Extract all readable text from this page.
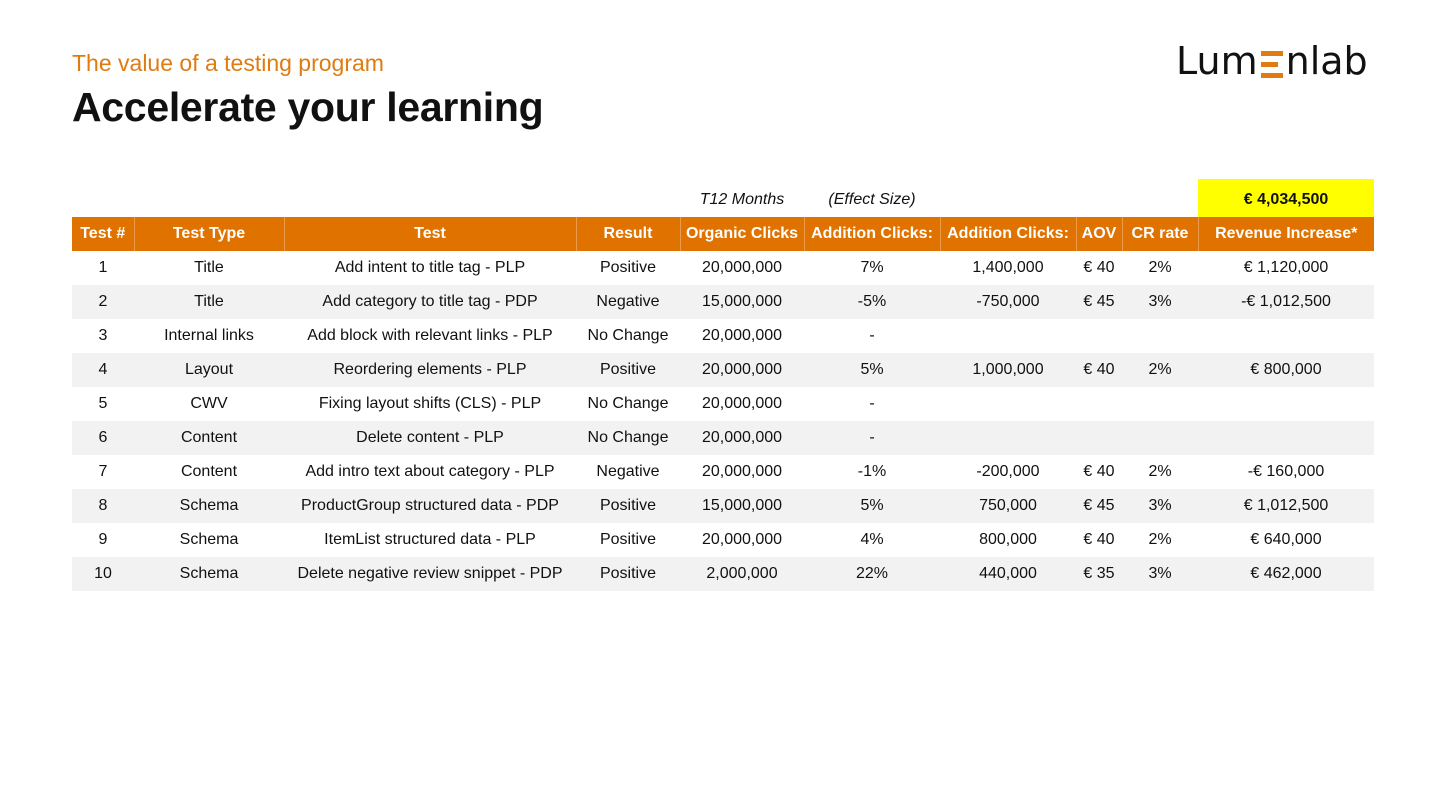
The value of a testing program
Accelerate your learning
Lum nlab
				T12 Months	(Effect Size)				€ 4,034,500
Test #	Test Type	Test	Result	Organic Clicks	Addition Clicks:	Addition Clicks:	AOV	CR rate	Revenue Increase*
1	Title	Add intent to title tag - PLP	Positive	20,000,000	7%	1,400,000	€ 40	2%	€ 1,120,000
2	Title	Add category to title tag - PDP	Negative	15,000,000	-5%	-750,000	€ 45	3%	-€ 1,012,500
3	Internal links	Add block with relevant links - PLP	No Change	20,000,000	-				
4	Layout	Reordering elements - PLP	Positive	20,000,000	5%	1,000,000	€ 40	2%	€ 800,000
5	CWV	Fixing layout shifts (CLS) - PLP	No Change	20,000,000	-				
6	Content	Delete content - PLP	No Change	20,000,000	-				
7	Content	Add intro text about category - PLP	Negative	20,000,000	-1%	-200,000	€ 40	2%	-€ 160,000
8	Schema	ProductGroup structured data - PDP	Positive	15,000,000	5%	750,000	€ 45	3%	€ 1,012,500
9	Schema	ItemList structured data - PLP	Positive	20,000,000	4%	800,000	€ 40	2%	€ 640,000
10	Schema	Delete negative review snippet - PDP	Positive	2,000,000	22%	440,000	€ 35	3%	€ 462,000
